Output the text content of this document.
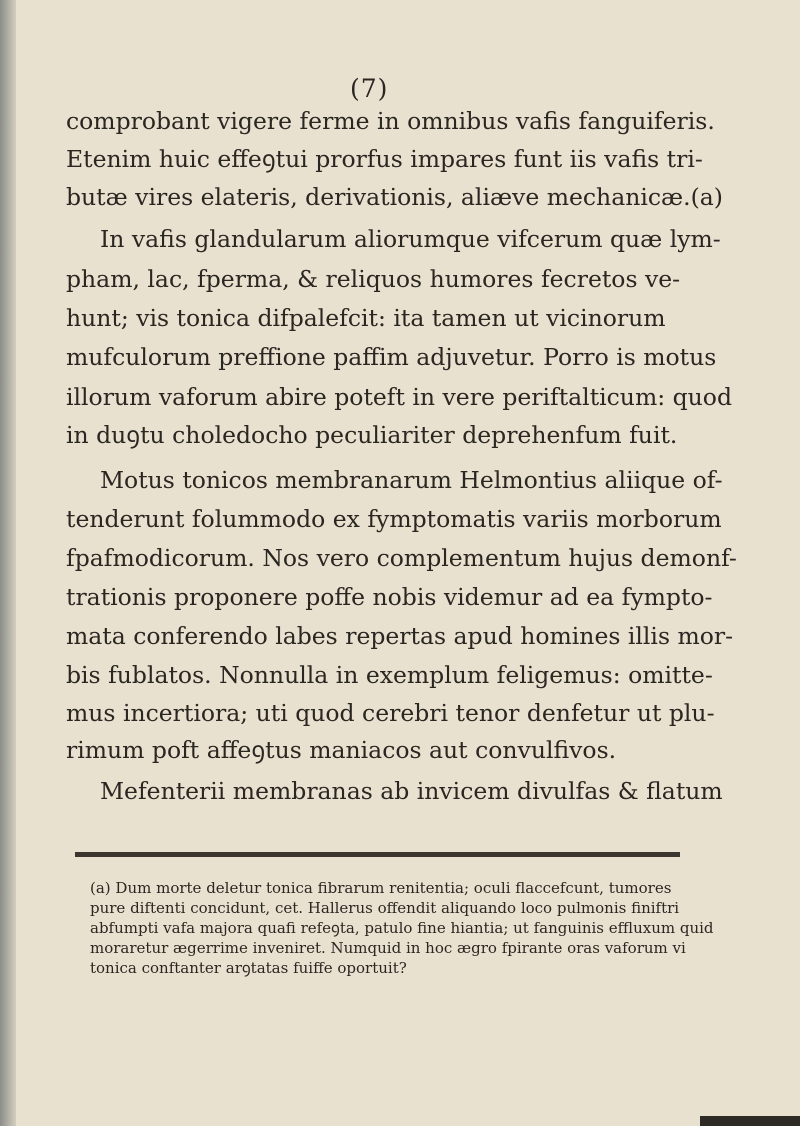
(7)
comprobant vigere ferme in omnibus vafis fanguiferis.
Etenim huic effeꝯtui prorfus impares funt iis vafis tri-
butæ vires elateris, derivationis, aliæve mechanicæ.(a)
In vafis glandularum aliorumque vifcerum quæ lym-
pham, lac, fperma, & reliquos humores fecretos ve-
hunt; vis tonica difpalefcit: ita tamen ut vicinorum
mufculorum preffione paffim adjuvetur. Porro is motus
illorum vaforum abire poteft in vere periftalticum: quod
in duꝯtu choledocho peculiariter deprehenfum fuit.
Motus tonicos membranarum Helmontius aliique of-
tenderunt folummodo ex fymptomatis variis morborum
fpafmodicorum. Nos vero complementum hujus demonf-
trationis proponere poffe nobis videmur ad ea fympto-
mata conferendo labes repertas apud homines illis mor-
bis fublatos. Nonnulla in exemplum feligemus: omitte-
mus incertiora; uti quod cerebri tenor denfetur ut plu-
rimum poft affeꝯtus maniacos aut convulfivos.
Mefenterii membranas ab invicem divulfas & flatum
(a) Dum morte deletur tonica fibrarum renitentia; oculi flaccefcunt, tumores
pure diftenti concidunt, cet. Hallerus offendit aliquando loco pulmonis finiftri
abfumpti vafa majora quafi refeꝯta, patulo fine hiantia; ut fanguinis effluxum quid
moraretur ægerrime inveniret. Numquid in hoc ægro fpirante oras vaforum vi
tonica conftanter arꝯtatas fuiffe oportuit?
